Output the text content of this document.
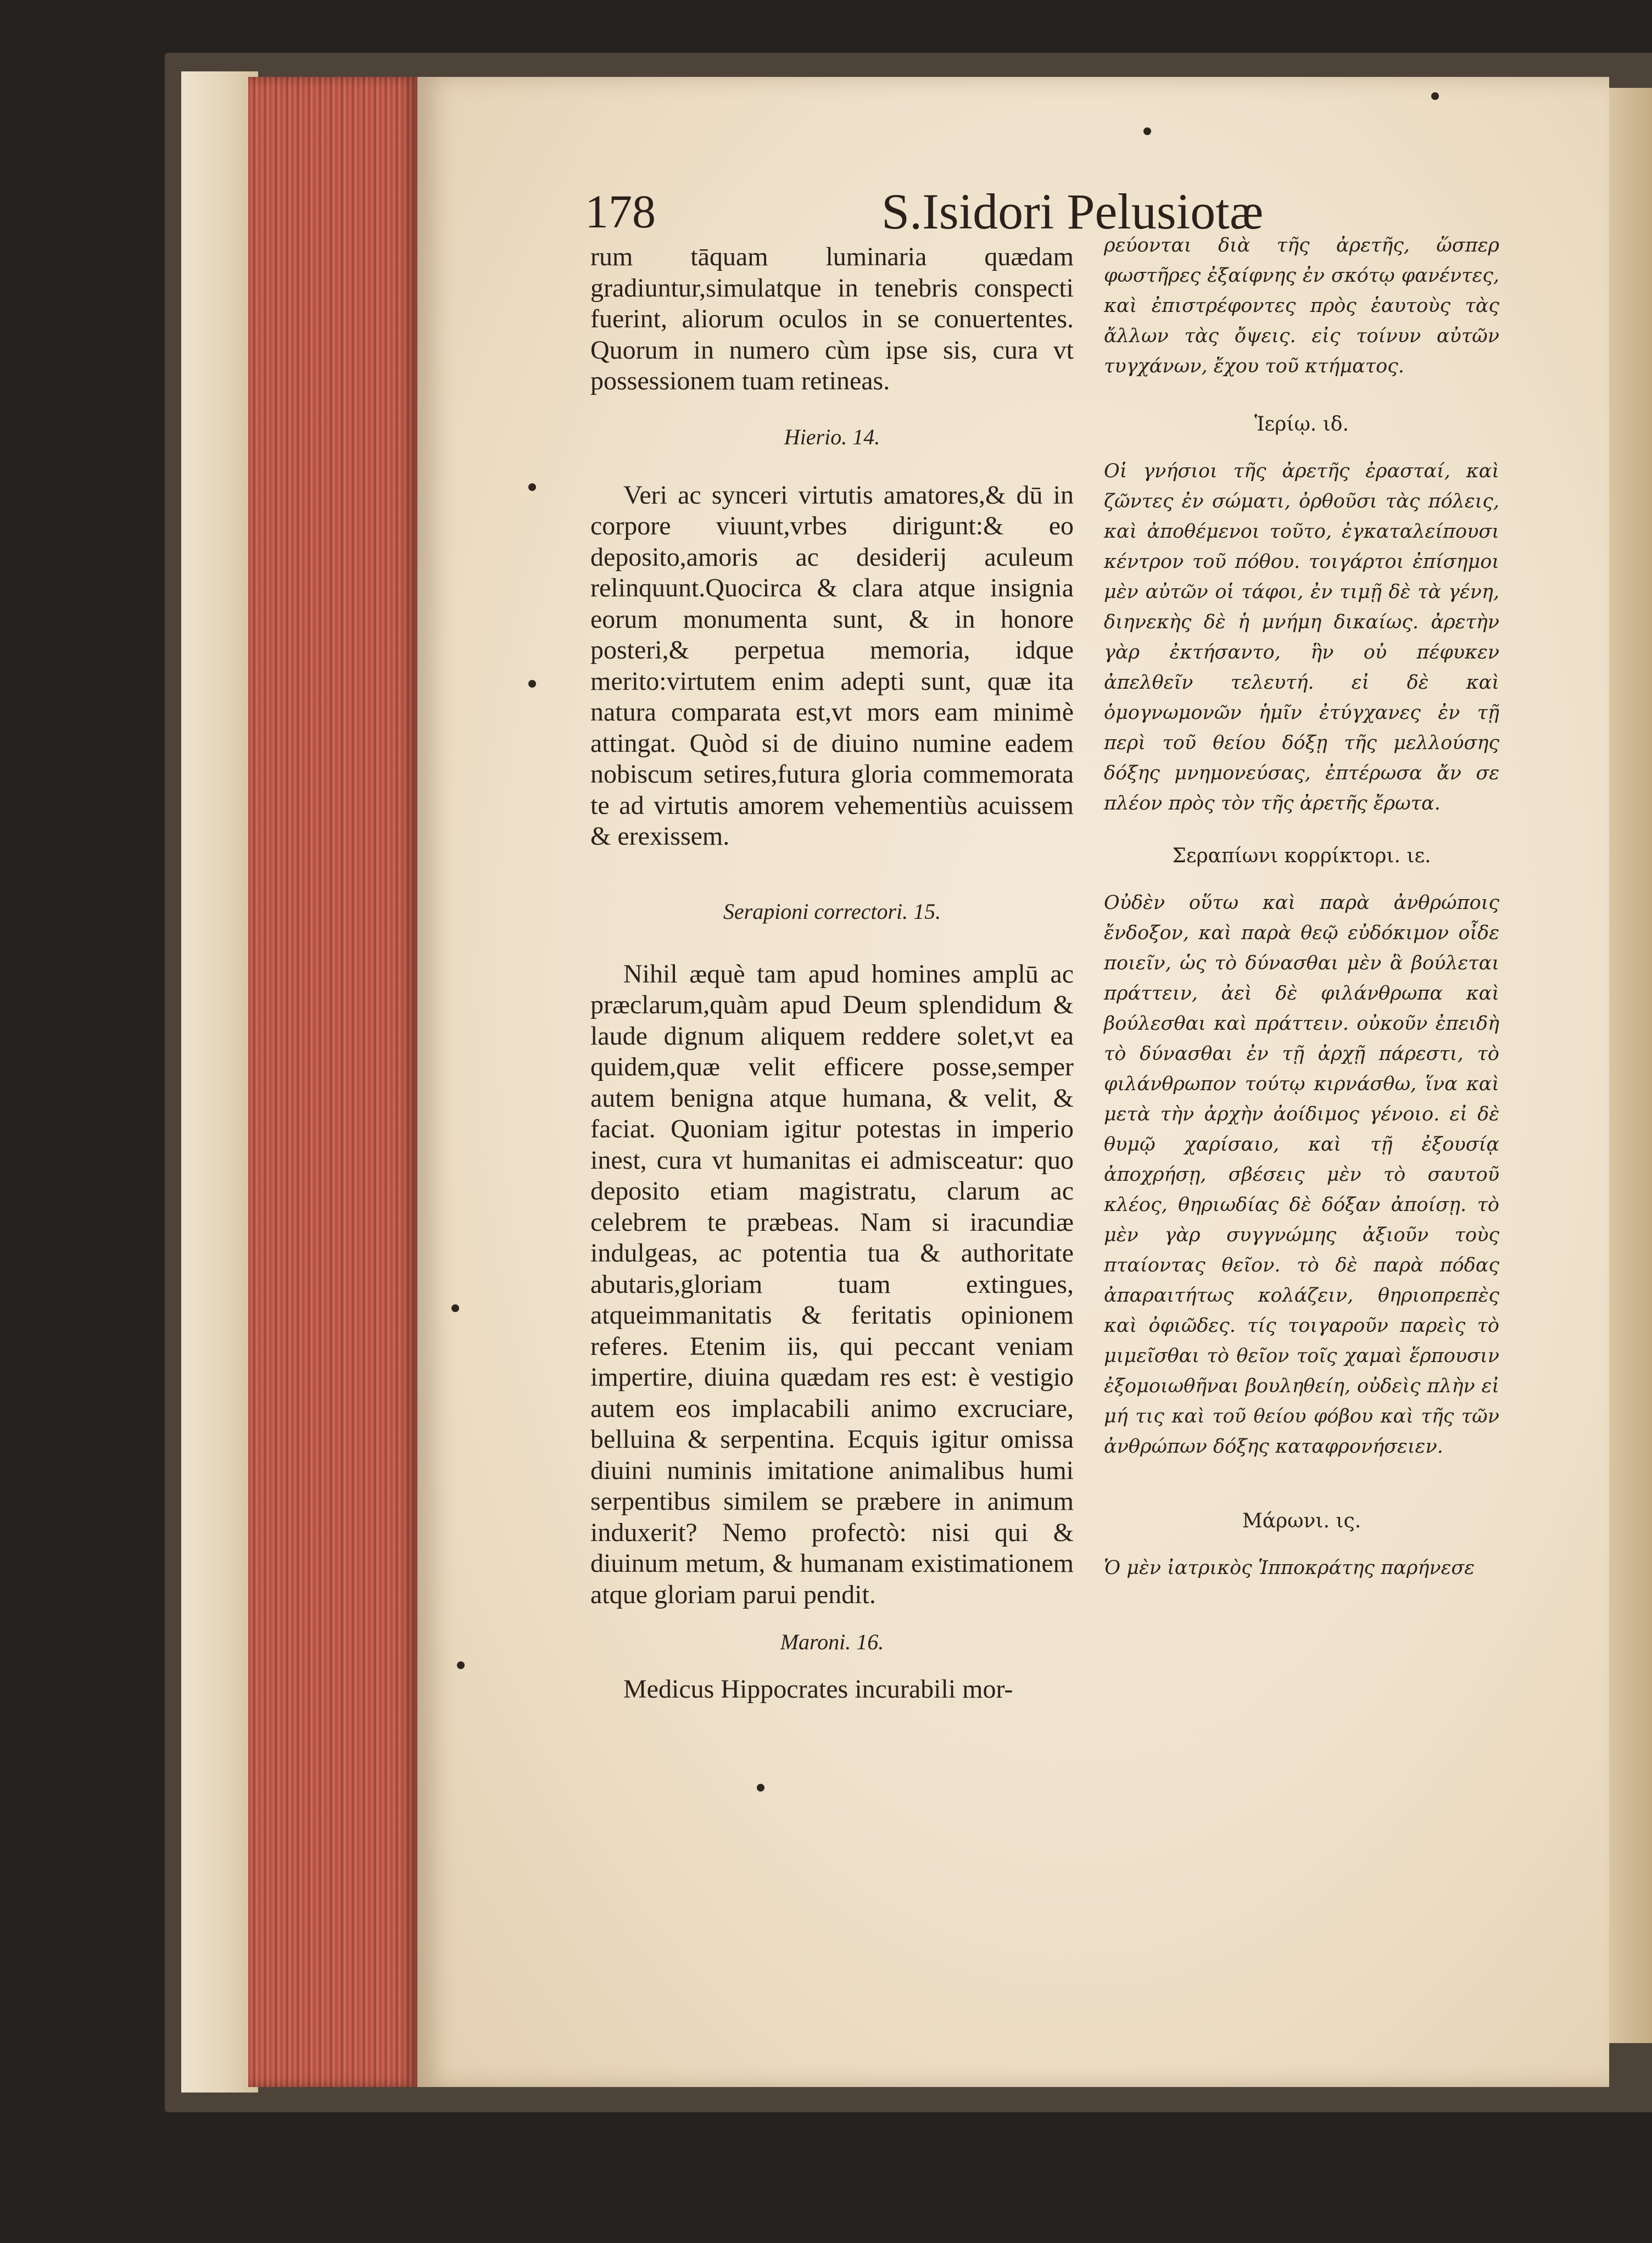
178	S.Isidori Pelusiotæ

rum tāquam luminaria quædam gradiuntur,simulatque in tenebris conspecti fuerint, aliorum oculos in se conuertentes. Quorum in numero cùm ipse sis, cura vt possessionem tuam retineas.

Hierio. 14.

Veri ac synceri virtutis amatores,& dū in corpore viuunt,vrbes dirigunt:& eo deposito,amoris ac desiderij aculeum relinquunt.Quocirca & clara atque insignia eorum monumenta sunt, & in honore posteri,& perpetua memoria, idque merito:virtutem enim adepti sunt, quæ ita natura comparata est,vt mors eam minimè attingat. Quòd si de diuino numine eadem nobiscum setires,futura gloria commemorata te ad virtutis amorem vehementiùs acuissem & erexissem.

Serapioni correctori. 15.

Nihil æquè tam apud homines amplū ac præclarum,quàm apud Deum splendidum & laude dignum aliquem reddere solet,vt ea quidem,quæ velit efficere posse,semper autem benigna atque humana, & velit, & faciat. Quoniam igitur potestas in imperio inest, cura vt humanitas ei admisceatur: quo deposito etiam magistratu, clarum ac celebrem te præbeas. Nam si iracundiæ indulgeas, ac potentia tua & authoritate abutaris,gloriam tuam extingues, atqueimmanitatis & feritatis opinionem referes. Etenim iis, qui peccant veniam impertire, diuina quædam res est: è vestigio autem eos implacabili animo excruciare, belluina & serpentina. Ecquis igitur omissa diuini numinis imitatione animalibus humi serpentibus similem se præbere in animum induxerit? Nemo profectò: nisi qui & diuinum metum, & humanam existimationem atque gloriam parui pendit.

Maroni. 16.

Medicus Hippocrates incurabili mor-

ρεύονται διὰ τῆς ἀρετῆς, ὥσπερ φωστῆρες ἐξαίφνης ἐν σκότῳ φανέντες, καὶ ἐπιστρέφοντες πρὸς ἑαυτοὺς τὰς ἄλλων τὰς ὄψεις. εἰς τοίνυν αὐτῶν τυγχάνων, ἔχου τοῦ κτήματος.

Ἱερίῳ. ιδ.

Οἱ γνήσιοι τῆς ἀρετῆς ἐρασταί, καὶ ζῶντες ἐν σώματι, ὀρθοῦσι τὰς πόλεις, καὶ ἀποθέμενοι τοῦτο, ἐγκαταλείπουσι κέντρον τοῦ πόθου. τοιγάρτοι ἐπίσημοι μὲν αὐτῶν οἱ τάφοι, ἐν τιμῇ δὲ τὰ γένη, διηνεκὴς δὲ ἡ μνήμη δικαίως. ἀρετὴν γὰρ ἐκτήσαντο, ἣν οὐ πέφυκεν ἀπελθεῖν τελευτή. εἰ δὲ καὶ ὁμογνωμονῶν ἡμῖν ἐτύγχανες ἐν τῇ περὶ τοῦ θείου δόξῃ τῆς μελλούσης δόξης μνημονεύσας, ἐπτέρωσα ἄν σε πλέον πρὸς τὸν τῆς ἀρετῆς ἔρωτα.

Σεραπίωνι κορρίκτορι. ιε.

Οὐδὲν οὕτω καὶ παρὰ ἀνθρώποις ἔνδοξον, καὶ παρὰ θεῷ εὐδόκιμον οἶδε ποιεῖν, ὡς τὸ δύνασθαι μὲν ἃ βούλεται πράττειν, ἀεὶ δὲ φιλάνθρωπα καὶ βούλεσθαι καὶ πράττειν. οὐκοῦν ἐπειδὴ τὸ δύνασθαι ἐν τῇ ἀρχῇ πάρεστι, τὸ φιλάνθρωπον τούτῳ κιρνάσθω, ἵνα καὶ μετὰ τὴν ἀρχὴν ἀοίδιμος γένοιο. εἰ δὲ θυμῷ χαρίσαιο, καὶ τῇ ἐξουσίᾳ ἀποχρήσῃ, σβέσεις μὲν τὸ σαυτοῦ κλέος, θηριωδίας δὲ δόξαν ἀποίσῃ. τὸ μὲν γὰρ συγγνώμης ἀξιοῦν τοὺς πταίοντας θεῖον. τὸ δὲ παρὰ πόδας ἀπαραιτήτως κολάζειν, θηριοπρεπὲς καὶ ὀφιῶδες. τίς τοιγαροῦν παρεὶς τὸ μιμεῖσθαι τὸ θεῖον τοῖς χαμαὶ ἕρπουσιν ἐξομοιωθῆναι βουληθείη, οὐδεὶς πλὴν εἰ μή τις καὶ τοῦ θείου φόβου καὶ τῆς τῶν ἀνθρώπων δόξης καταφρονήσειεν.

Μάρωνι. ις.

Ὁ μὲν ἰατρικὸς Ἱπποκράτης παρήνεσε
